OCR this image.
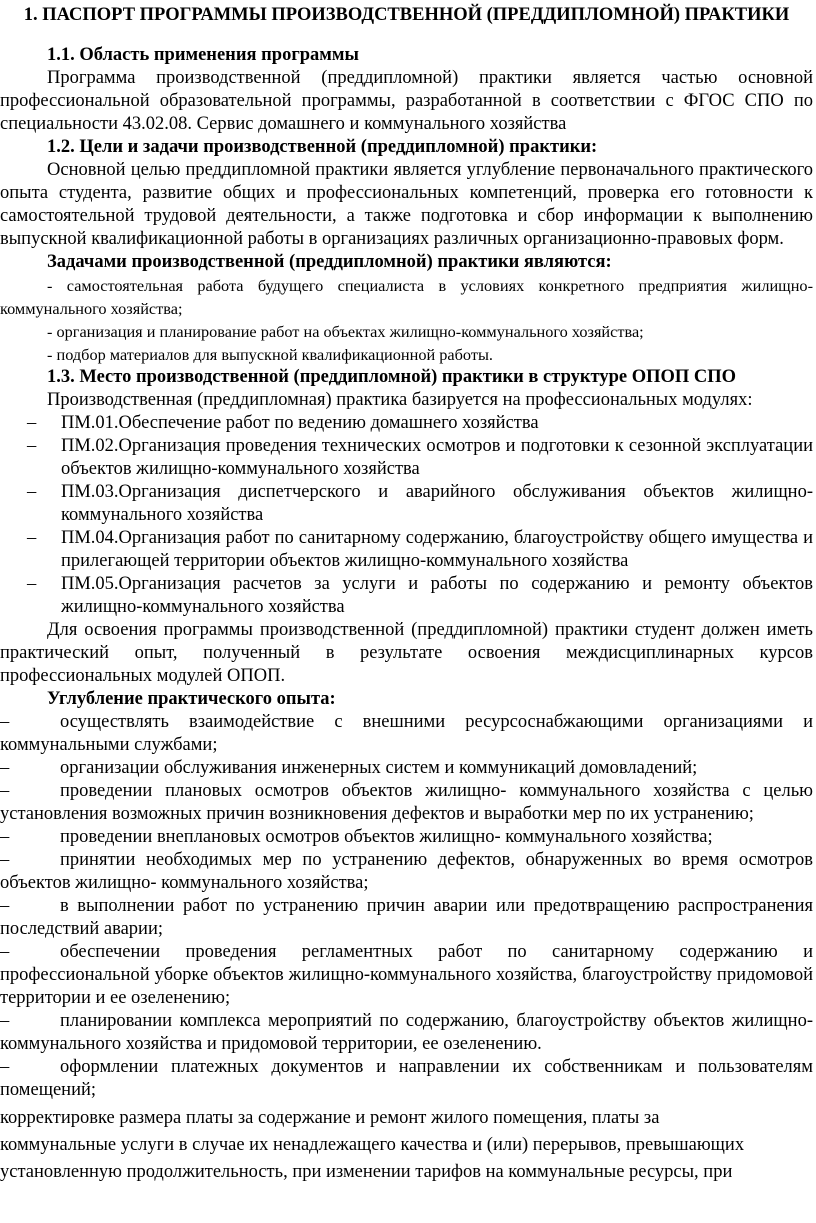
1. ПАСПОРТ ПРОГРАММЫ ПРОИЗВОДСТВЕННОЙ (ПРЕДДИПЛОМНОЙ) ПРАКТИКИ
1.1. Область применения программы

Программа производственной (преддипломной) практики является частью основной профессиональной образовательной программы, разработанной в соответствии с ФГОС СПО по специальности 43.02.08. Сервис домашнего и коммунального хозяйства

1.2. Цели и задачи производственной (преддипломной) практики:

Основной целью преддипломной практики является углубление первоначального практического опыта студента, развитие общих и профессиональных компетенций, проверка его готовности к самостоятельной трудовой деятельности, а также подготовка и сбор информации к выполнению выпускной квалификационной работы в организациях различных организационно-правовых форм.

Задачами производственной (преддипломной) практики являются:

- самостоятельная работа будущего специалиста в условиях конкретного предприятия жилищно-коммунального хозяйства;

- организация и планирование работ на объектах жилищно-коммунального хозяйства;

- подбор материалов для выпускной квалификационной работы.

1.3. Место производственной (преддипломной) практики в структуре ОПОП СПО

Производственная (преддипломная) практика базируется на профессиональных модулях:

– ПМ.01.Обеспечение работ по ведению домашнего хозяйства
– ПМ.02.Организация проведения технических осмотров и подготовки к сезонной эксплуатации объектов жилищно-коммунального хозяйства
– ПМ.03.Организация диспетчерского и аварийного обслуживания объектов жилищно-коммунального хозяйства
– ПМ.04.Организация работ по санитарному содержанию, благоустройству общего имущества и прилегающей территории объектов жилищно-коммунального хозяйства
– ПМ.05.Организация расчетов за услуги и работы по содержанию и ремонту объектов жилищно-коммунального хозяйства

Для освоения программы производственной (преддипломной) практики студент должен иметь практический опыт, полученный в результате освоения междисциплинарных курсов профессиональных модулей ОПОП.

Углубление практического опыта:

–	осуществлять взаимодействие с внешними ресурсоснабжающими организациями и коммунальными службами;

–	организации обслуживания инженерных систем и коммуникаций домовладений;

–	проведении плановых осмотров объектов жилищно- коммунального хозяйства с целью установления возможных причин возникновения дефектов и выработки мер по их устранению;

–	проведении внеплановых осмотров объектов жилищно- коммунального хозяйства;

–	принятии необходимых мер по устранению дефектов, обнаруженных во время осмотров объектов жилищно- коммунального хозяйства;

–	в выполнении работ по устранению причин аварии или предотвращению распространения последствий аварии;

–	обеспечении проведения регламентных работ по санитарному содержанию и профессиональной уборке объектов жилищно-коммунального хозяйства, благоустройству придомовой территории и ее озеленению;

–	планировании комплекса мероприятий по содержанию, благоустройству объектов жилищно-коммунального хозяйства и придомовой территории, ее озеленению.

–	оформлении платежных документов и направлении их собственникам и пользователям помещений;

корректировке размера платы за содержание и ремонт жилого помещения, платы за

коммунальные услуги в случае их ненадлежащего качества и (или) перерывов, превышающих

установленную продолжительность, при изменении тарифов на коммунальные ресурсы, при
